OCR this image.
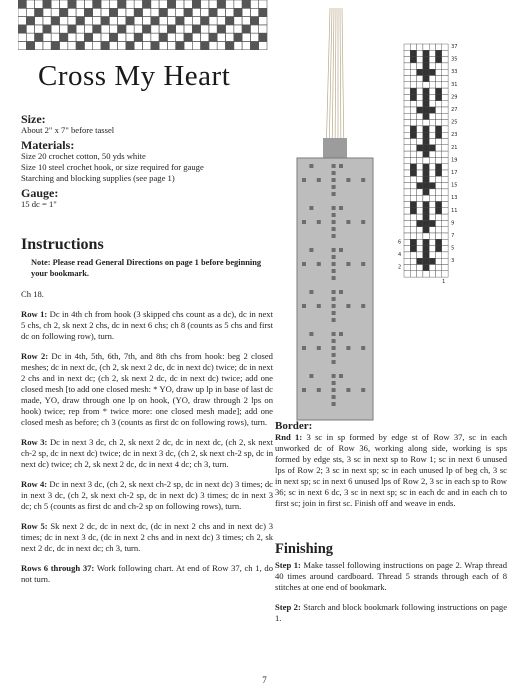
Cross My Heart
Size:
About 2" x 7" before tassel
Materials:
Size 20 crochet cotton, 50 yds white
Size 10 steel crochet hook, or size required for gauge
Starching and blocking supplies (see page 1)
Gauge:
15 dc = 1"
Instructions
Note: Please read General Directions on page 1 before beginning your bookmark.

Ch 18.

Row 1: Dc in 4th ch from hook (3 skipped chs count as a dc), dc in next 5 chs, ch 2, sk next 2 chs, dc in next 6 chs; ch 8 (counts as 5 chs and first dc on following row), turn.

Row 2: Dc in 4th, 5th, 6th, 7th, and 8th chs from hook: beg 2 closed meshes; dc in next dc, (ch 2, sk next 2 dc, dc in next dc) twice; dc in next 2 chs and in next dc; (ch 2, sk next 2 dc, dc in next dc) twice; add one closed mesh [to add one closed mesh: * YO, draw up lp in base of last dc made, YO, draw through one lp on hook, (YO, draw through 2 lps on hook) twice; rep from * twice more: one closed mesh made]; add one closed mesh as before; ch 3 (counts as first dc on following rows), turn.

Row 3: Dc in next 3 dc, ch 2, sk next 2 dc, dc in next dc, (ch 2, sk next ch-2 sp, dc in next dc) twice; dc in next 3 dc, (ch 2, sk next ch-2 sp, dc in next dc) twice; ch 2, sk next 2 dc, dc in next 4 dc; ch 3, turn.

Row 4: Dc in next 3 dc, (ch 2, sk next ch-2 sp, dc in next dc) 3 times; dc in next 3 dc, (ch 2, sk next ch-2 sp, dc in next dc) 3 times; dc in next 3 dc; ch 5 (counts as first dc and ch-2 sp on following rows), turn.

Row 5: Sk next 2 dc, dc in next dc, (dc in next 2 chs and in next dc) 3 times; dc in next 3 dc, (dc in next 2 chs and in next dc) 3 times; ch 2, sk next 2 dc, dc in next dc; ch 3, turn.

Rows 6 through 37: Work following chart. At end of Row 37, ch 1, do not turn.

37
35
33
31
29
27
25
23
21
19
17
15
13
11
9
7
5
3
6
4
2
1
Border:
Rnd 1: 3 sc in sp formed by edge st of Row 37, sc in each unworked dc of Row 36, working along side, working is sps formed by edge sts, 3 sc in next sp to Row 1; sc in next 6 unused lps of Row 2; 3 sc in next sp; sc in each unused lp of beg ch, 3 sc in next sp; sc in next 6 unused lps of Row 2, 3 sc in each sp to Row 36; sc in next 6 dc, 3 sc in next sp; sc in each dc and in each ch to first sc; join in first sc. Finish off and weave in ends.
Finishing

Step 1: Make tassel following instructions on page 2. Wrap thread 40 times around cardboard. Thread 5 strands through each of 8 stitches at one end of bookmark.

Step 2: Starch and block bookmark following instructions on page 1.

7
